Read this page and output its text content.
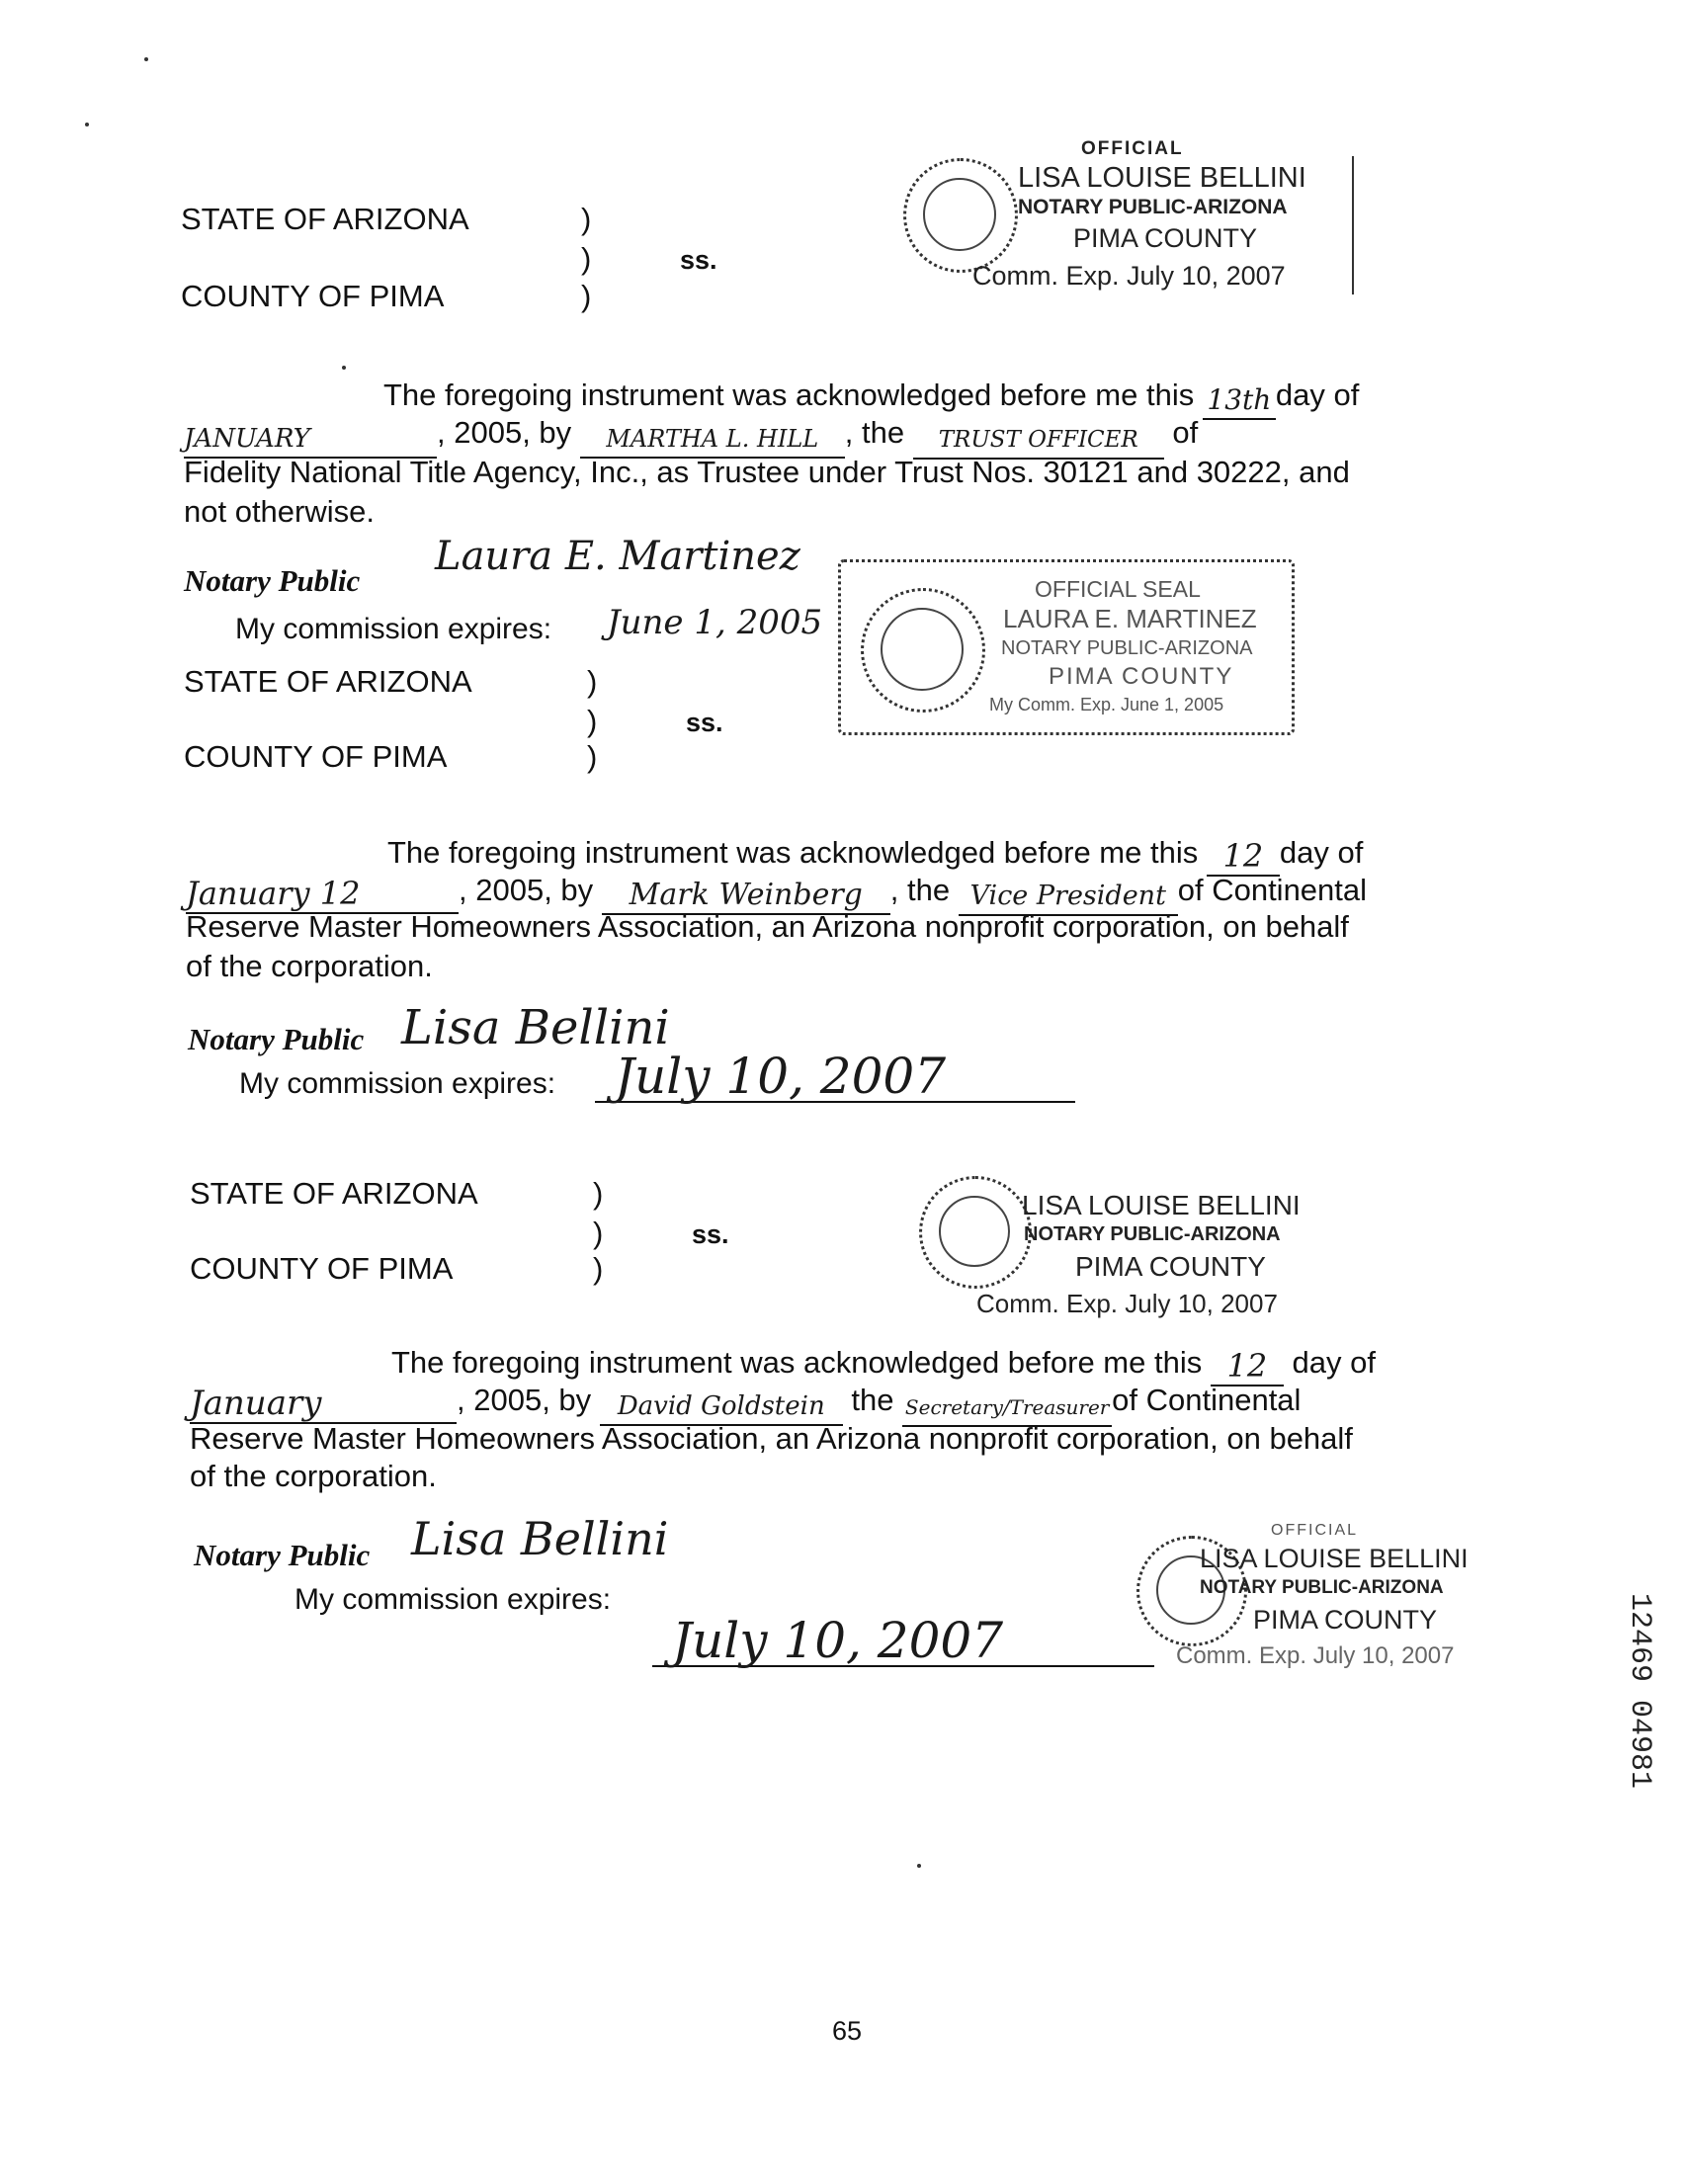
STATE OF ARIZONA	)
)	ss.
COUNTY OF PIMA	)
OFFICIAL
LISA LOUISE BELLINI
NOTARY PUBLIC-ARIZONA
PIMA COUNTY
Comm. Exp. July 10, 2007
The foregoing instrument was acknowledged before me this 13th day of
JANUARY	, 2005, by MARTHA L. HILL , the TRUST OFFICER of
Fidelity National Title Agency, Inc., as Trustee under Trust Nos. 30121 and 30222, and
not otherwise.
Notary Public
Laura E. Martinez
My commission expires: June 1, 2005
OFFICIAL SEAL
LAURA E. MARTINEZ
NOTARY PUBLIC-ARIZONA
PIMA COUNTY
My Comm. Exp. June 1, 2005
STATE OF ARIZONA	)
)	ss.
COUNTY OF PIMA	)
The foregoing instrument was acknowledged before me this 12 day of
January 12	, 2005, by Mark Weinberg , the Vice President of Continental
Reserve Master Homeowners Association, an Arizona nonprofit corporation, on behalf
of the corporation.
Notary Public Lisa Bellini
My commission expires: July 10, 2007
STATE OF ARIZONA	)
)	ss.
COUNTY OF PIMA	)
LISA LOUISE BELLINI
NOTARY PUBLIC-ARIZONA
PIMA COUNTY
Comm. Exp. July 10, 2007
The foregoing instrument was acknowledged before me this 12 day of
January	, 2005, by David Goldstein the Secretary/Treasurerof Continental
Reserve Master Homeowners Association, an Arizona nonprofit corporation, on behalf
of the corporation.
Notary Public Lisa Bellini
My commission expires:
July 10, 2007
OFFICIAL
LISA LOUISE BELLINI
NOTARY PUBLIC-ARIZONA
PIMA COUNTY
Comm. Exp. July 10, 2007	12469 04981
65
